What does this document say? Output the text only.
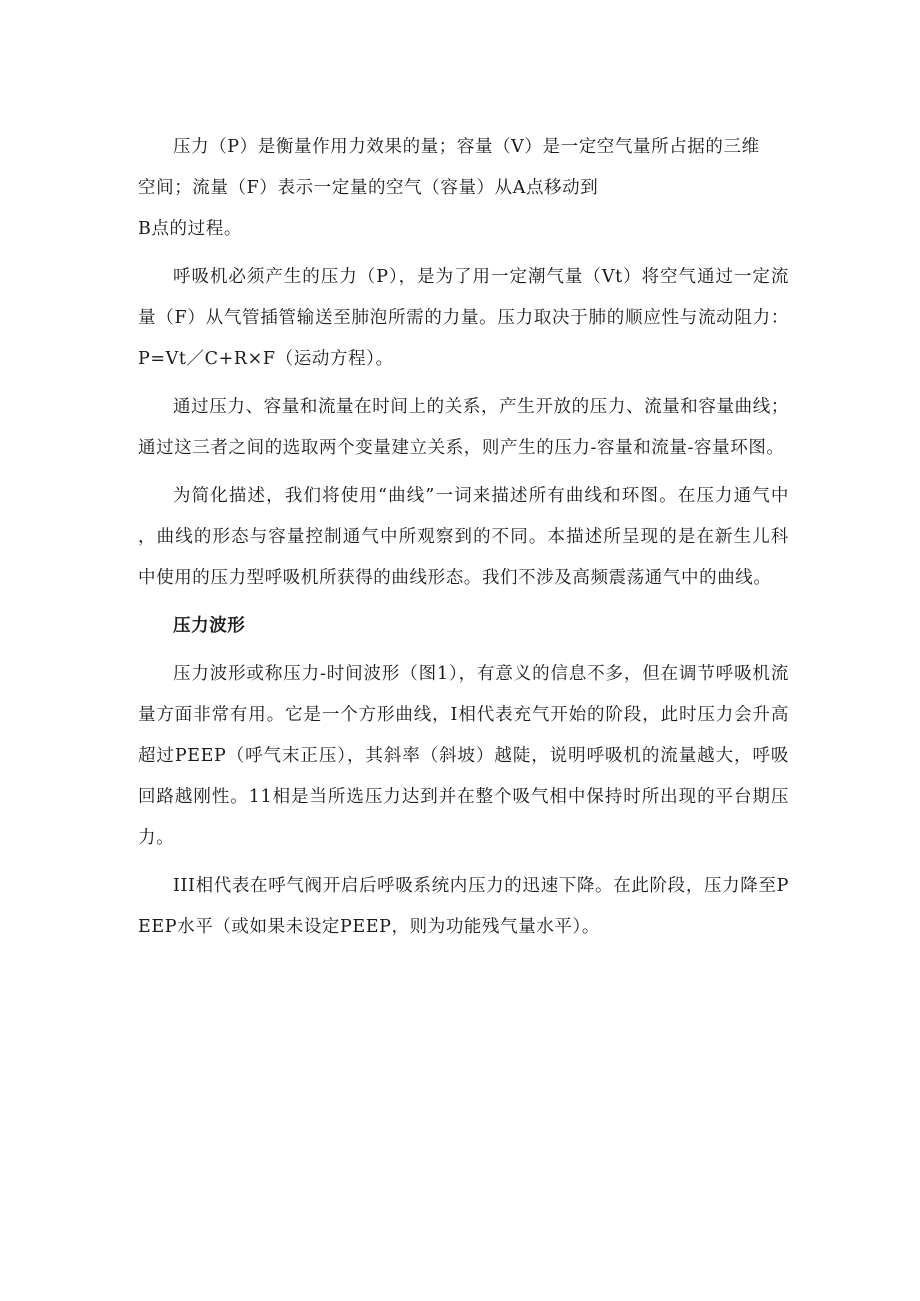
压力（P）是衡量作用力效果的量；容量（V）是一定空气量所占据的三维
空间；流量（F）表示一定量的空气（容量）从A点移动到
B点的过程。

呼吸机必须产生的压力（P），是为了用一定潮气量（Vt）将空气通过一定流量（F）从气管插管输送至肺泡所需的力量。压力取决于肺的顺应性与流动阻力：P=Vt／C+R×F（运动方程）。

通过压力、容量和流量在时间上的关系，产生开放的压力、流量和容量曲线；通过这三者之间的选取两个变量建立关系，则产生的压力-容量和流量-容量环图。

为简化描述，我们将使用“曲线”一词来描述所有曲线和环图。在压力通气中，曲线的形态与容量控制通气中所观察到的不同。本描述所呈现的是在新生儿科中使用的压力型呼吸机所获得的曲线形态。我们不涉及高频震荡通气中的曲线。

压力波形

压力波形或称压力-时间波形（图1），有意义的信息不多，但在调节呼吸机流量方面非常有用。它是一个方形曲线，I相代表充气开始的阶段，此时压力会升高超过PEEP（呼气末正压），其斜率（斜坡）越陡，说明呼吸机的流量越大，呼吸回路越刚性。11相是当所选压力达到并在整个吸气相中保持时所出现的平台期压力。

III相代表在呼气阀开启后呼吸系统内压力的迅速下降。在此阶段，压力降至PEEP水平（或如果未设定PEEP，则为功能残气量水平）。
